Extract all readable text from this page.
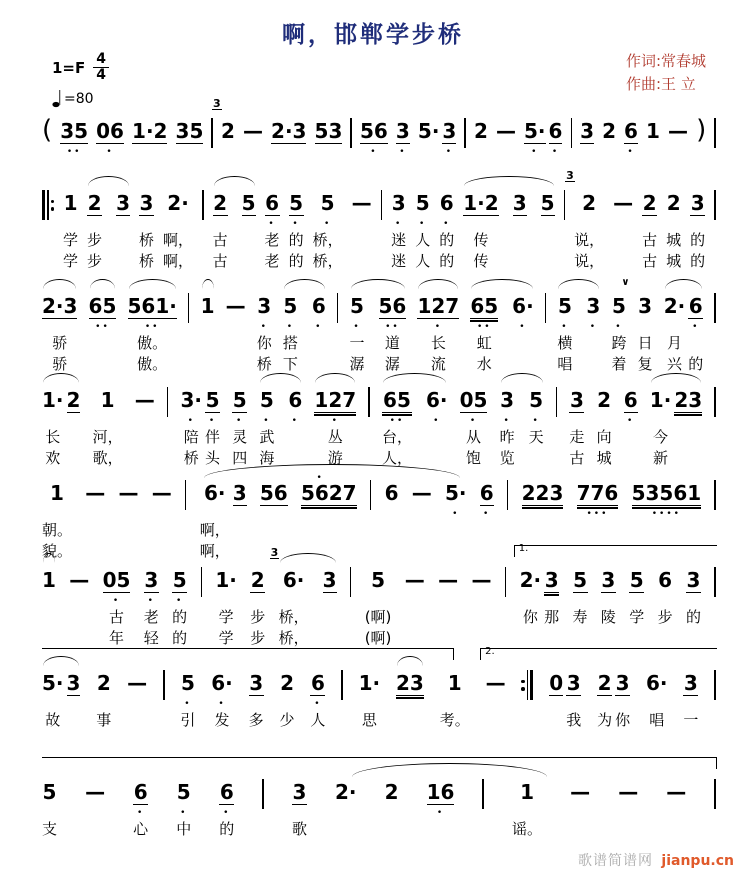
啊，邯郸学步桥
$1=F \frac{4}{4}$
=80
作词:常春城
作曲:王 立
( 35
••
06
•
1·2 35
3
2 — 2·3 53 56
•
3
•
5· 3
•
2 — 5·
•
6
•
3 2 6
•
1 — )
1
学
学
2
步
步
3 3
桥
桥
2·
啊，
啊，
2
古
古
5 6
•
老
老
5
•
的
的
5
•
桥，
桥，
— 3
•
迷
迷
5
•
人
人
6
•
的
的
1·2
传
传
3 5
3
2
说，
说，
— 2
古
古
2
城
城
3
的
的
2·3
骄
骄
65
••
561·
••
傲。
傲。
1 — 3
•
你
桥
5
•
搭
下
6
•
5
•
一
潺
56
••
道
潺
127
•
长
流
65
••
虹
水
6·
•
5
•
横
唱
3
•
∨
5
•
跨
着
3
日
复
2·
月
兴
6
•
的
1·
长
欢
2 1
河，
歌，
— 3·
•
陪
桥
5
•
伴
头
5
•
灵
四
5
•
武
海
6
•
127
•
丛
游
65
••
台，
人，
6·
•
05
•
从
饱
3
•
昨
览
5
•
天
3
走
古
2
向
城
6
•
1·
今
新
23
1
朝。
貌。
— — — 6·
啊，
啊，
3 56
•
5627 6 — 5·
•
6
•
223 776
•••
53561
••••
1.
1 — 05
•
古
年
3
•
老
轻
5
•
的
的
1·
学
学
2
步
步
3
6·
桥，
桥，
3 5
(啊)
(啊)
— — — 2·
你
3
那
5
寿
3
陵
5
学
6
步
3
的
2.
5·
故
3 2
事
— 5
•
引
6·
•
发
3
多
2
少
6
•
人
1·
思
23 1
考。
— 0 3
我
2
为
3
你
6·
唱
3
一
5
支
— 6
•
心
5
•
中
6
•
的
3
歌
2· 2 16
•
1
谣。
— — —
歌谱简谱网 jianpu.cn
